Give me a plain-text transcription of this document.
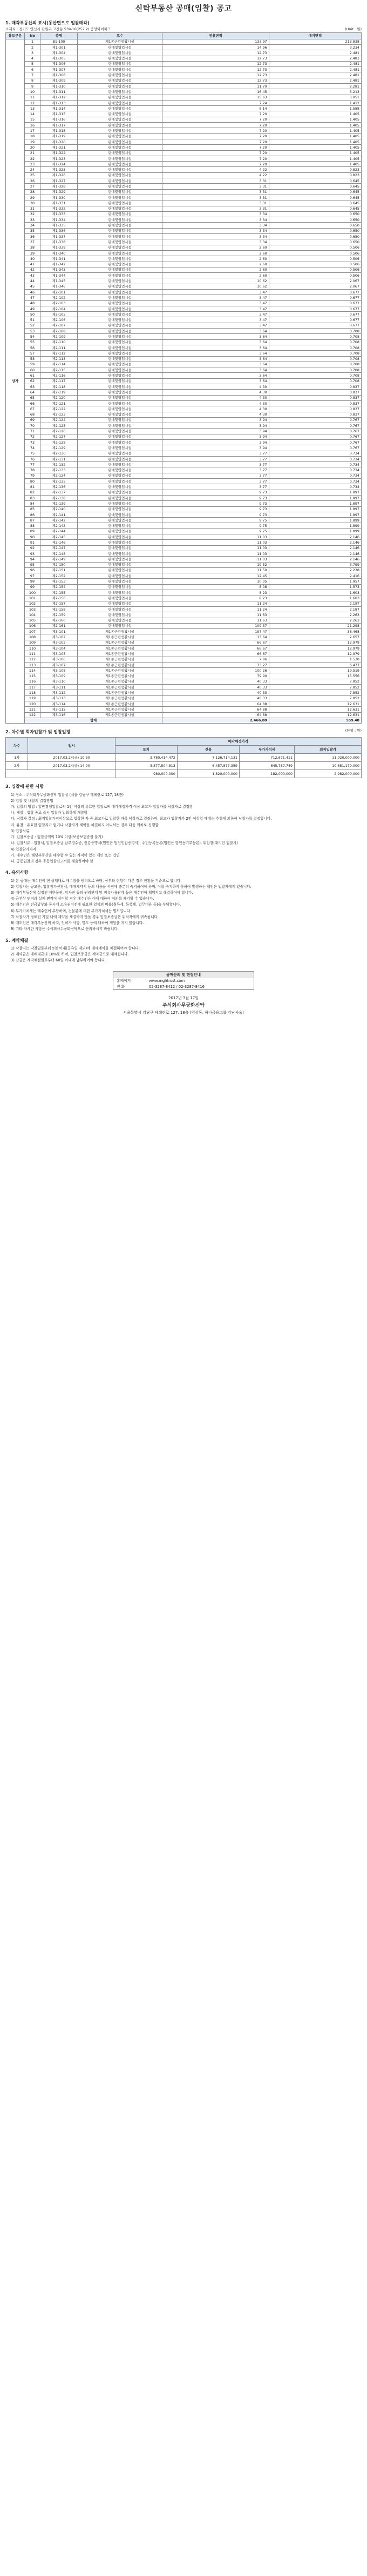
신탁부동산 공매(입찰) 공고
1. 매각부동산의 표시(동산면으로 일괄매각)
소재지 : 경기도 안산시 단원구 고잔동 539-10(257.2) 중앙아이파크	(Unit : 원)
용도구분	No	층명	호수	전용면적	대지면적
상가	1	B1-100	제1종근린생활시설	133.97	213.838
	2	제1-301	판매및영업시설	14.96	3.234
	3	제1-304	판매및영업시설	12.73	2.481
	4	제1-305	판매및영업시설	12.73	2.481
	5	제1-306	판매및영업시설	12.73	2.481
	6	제1-307	판매및영업시설	12.73	2.481
	7	제1-308	판매및영업시설	12.73	2.481
	8	제1-309	판매및영업시설	12.73	2.481
	9	제1-310	판매및영업시설	11.70	2.281
	10	제1-311	판매및영업시설	16.45	3.213
	11	제1-312	판매및영업시설	15.63	3.051
	12	제1-313	판매및영업시설	7.24	1.412
	13	제1-314	판매및영업시설	8.14	1.588
	14	제1-315	판매및영업시설	7.20	1.405
	15	제1-316	판매및영업시설	7.20	1.405
	16	제1-317	판매및영업시설	7.20	1.405
	17	제1-318	판매및영업시설	7.20	1.405
	18	제1-319	판매및영업시설	7.20	1.405
	19	제1-320	판매및영업시설	7.20	1.405
	20	제1-321	판매및영업시설	7.20	1.405
	21	제1-322	판매및영업시설	7.20	1.405
	22	제1-323	판매및영업시설	7.20	1.405
	23	제1-324	판매및영업시설	7.20	1.405
	24	제1-325	판매및영업시설	4.22	0.823
	25	제1-326	판매및영업시설	4.22	0.823
	26	제1-327	판매및영업시설	3.31	0.645
	27	제1-328	판매및영업시설	3.31	0.645
	28	제1-329	판매및영업시설	3.31	0.645
	29	제1-330	판매및영업시설	3.31	0.645
	30	제1-331	판매및영업시설	3.31	0.645
	31	제1-332	판매및영업시설	3.31	0.645
	32	제1-333	판매및영업시설	3.34	0.650
	33	제1-334	판매및영업시설	3.34	0.650
	34	제1-335	판매및영업시설	3.34	0.650
	35	제1-336	판매및영업시설	3.34	0.650
	36	제1-337	판매및영업시설	3.34	0.650
	37	제1-338	판매및영업시설	3.34	0.650
	38	제1-339	판매및영업시설	2.60	0.506
	39	제1-340	판매및영업시설	2.60	0.506
	40	제1-341	판매및영업시설	2.60	0.506
	41	제1-342	판매및영업시설	2.60	0.506
	42	제1-343	판매및영업시설	2.60	0.506
	43	제1-344	판매및영업시설	2.60	0.506
	44	제1-345	판매및영업시설	10.62	2.067
	45	제1-346	판매및영업시설	10.62	2.067
	46	제2-101	판매및영업시설	3.47	0.677
	47	제2-102	판매및영업시설	3.47	0.677
	48	제2-103	판매및영업시설	3.47	0.677
	49	제2-104	판매및영업시설	3.47	0.677
	50	제2-105	판매및영업시설	3.47	0.677
	51	제2-106	판매및영업시설	3.47	0.677
	52	제2-107	판매및영업시설	3.47	0.677
	53	제2-108	판매및영업시설	3.64	0.708
	54	제2-109	판매및영업시설	3.64	0.708
	55	제2-110	판매및영업시설	3.64	0.708
	56	제2-111	판매및영업시설	3.64	0.708
	57	제2-112	판매및영업시설	3.64	0.708
	58	제2-113	판매및영업시설	3.64	0.708
	59	제2-114	판매및영업시설	3.64	0.708
	60	제2-115	판매및영업시설	3.64	0.708
	61	제2-116	판매및영업시설	3.64	0.708
	62	제2-117	판매및영업시설	3.64	0.708
	63	제2-118	판매및영업시설	4.30	0.837
	64	제2-119	판매및영업시설	4.30	0.837
	65	제2-120	판매및영업시설	4.30	0.837
	66	제2-121	판매및영업시설	4.30	0.837
	67	제2-122	판매및영업시설	4.30	0.837
	68	제2-123	판매및영업시설	4.30	0.837
	69	제2-124	판매및영업시설	3.94	0.767
	70	제2-125	판매및영업시설	3.94	0.767
	71	제2-126	판매및영업시설	3.94	0.767
	72	제2-127	판매및영업시설	3.94	0.767
	73	제2-128	판매및영업시설	3.94	0.767
	74	제2-129	판매및영업시설	3.94	0.767
	75	제2-130	판매및영업시설	3.77	0.734
	76	제2-131	판매및영업시설	3.77	0.734
	77	제2-132	판매및영업시설	3.77	0.734
	78	제2-133	판매및영업시설	3.77	0.734
	79	제2-134	판매및영업시설	3.77	0.734
	80	제2-135	판매및영업시설	3.77	0.734
	81	제2-136	판매및영업시설	3.77	0.734
	82	제2-137	판매및영업시설	9.73	1.897
	83	제2-138	판매및영업시설	9.73	1.897
	84	제2-139	판매및영업시설	9.73	1.897
	85	제2-140	판매및영업시설	9.73	1.897
	86	제2-141	판매및영업시설	9.73	1.897
	87	제2-142	판매및영업시설	9.75	1.899
	88	제2-143	판매및영업시설	9.75	1.899
	89	제2-144	판매및영업시설	9.75	1.899
	90	제2-145	판매및영업시설	11.03	2.146
	91	제2-146	판매및영업시설	11.03	2.146
	92	제2-147	판매및영업시설	11.03	2.146
	93	제2-148	판매및영업시설	11.03	2.146
	94	제2-149	판매및영업시설	11.03	2.146
	95	제2-150	판매및영업시설	19.52	3.799
	96	제2-151	판매및영업시설	11.50	2.238
	97	제2-152	판매및영업시설	12.45	2.416
	98	제2-153	판매및영업시설	10.05	1.957
	99	제2-154	판매및영업시설	8.08	1.573
	100	제2-155	판매및영업시설	8.23	1.603
	101	제2-156	판매및영업시설	8.23	1.603
	102	제2-157	판매및영업시설	11.24	2.187
	103	제2-158	판매및영업시설	11.24	2.187
	104	제2-159	판매및영업시설	11.63	2.263
	105	제2-160	판매및영업시설	11.63	2.263
	106	제2-161	판매및영업시설	109.37	21.298
	107	제3-101	제1종근린생활시설	197.47	38.468
	108	제3-102	제1종근린생활시설	13.64	2.657
	109	제3-103	제1종근린생활시설	66.67	12.979
	110	제3-104	제1종근린생활시설	66.67	12.979
	111	제3-105	제1종근린생활시설	66.67	12.979
	112	제3-106	제1종근린생활시설	7.86	1.530
	113	제3-107	제1종근린생활시설	33.27	6.477
	114	제3-108	제1종근린생활시설	100.26	19.519
	115	제3-109	제1종근린생활시설	79.90	15.556
	116	제3-110	제1종근린생활시설	40.33	7.852
	117	제3-111	제1종근린생활시설	40.33	7.852
	118	제3-112	제1종근린생활시설	40.33	7.852
	119	제3-113	제1종근린생활시설	40.33	7.852
	120	제3-114	제1종근린생활시설	64.88	12.631
	121	제3-115	제1종근린생활시설	64.88	12.631
	122	제3-116	제1종근린생활시설	64.88	12.631
	합계			2,466.80	559.48
2. 차수별 회차입찰가 및 입찰일정	(단위 : 원)
차수	일시	매각예정가격			
		토지	건물	부가가치세	최저입찰가
1차	2017.03.24(금) 10:30	3,780,414,472	7,126,714,131	712,671,411	11,020,000,000
2차	2017.03.24(금) 14:00	3,577,504,813	6,457,877,359	645,787,749	10,681,170,000
		980,000,000	1,820,000,000	182,000,000	2,982,000,000
3. 입찰에 관한 사항

1) 장소 : 주식회사무궁화신탁 입찰실 (서울 강남구 테헤란로 127, 18층)

2) 입찰 및 내찰의 결정방법

가. 입찰의 방법 : 일반경쟁입찰로써 1인 이상의 유효한 입찰로써 매각예정가격 이상 최고가 입찰자를 낙찰자로 결정함

나. 개찰 : 입찰 종료 즉시 입찰자 입회하에 개찰함

다. 낙찰자 결정 : 최저입찰가격이상으로 입찰한 자 중 최고가로 입찰한 자를 낙찰자로 결정하며, 최고가 입찰자가 2인 이상일 때에는 추첨에 의하여 낙찰자를 결정합니다.

라. 유찰 : 유효한 입찰자가 없거나 낙찰자가 계약을 체결하지 아니하는 경우 다음 회차로 진행함

3) 입찰서류

가. 입찰보증금 : 입찰금액의 10% 이상(보증보험증권 불가)

나. 입찰서류 : 입찰서, 입찰보증금 납부영수증, 인감증명서(법인은 법인인감증명서), 주민등록등본(법인은 법인등기부등본), 위임장(대리인 입찰시)

4) 입찰참가자격

가. 매수인은 해당부동산을 매수할 수 있는 자격이 있는 개인 또는 법인

나. 공동입찰의 경우 공동입찰신고서를 제출하여야 함

4. 유의사항

1) 본 공매는 매수인이 현 상태대로 매수함을 원칙으로 하며, 공부와 현황이 다른 경우 현황을 기준으로 합니다.

2) 입찰자는 공고문, 입찰참가신청서, 매매계약서 등의 내용을 사전에 충분히 숙지하여야 하며, 이를 숙지하지 못하여 발생하는 책임은 입찰자에게 있습니다.

3) 매각부동산에 설정된 제한물권, 임차권 등의 권리관계 및 점유사용관계 등은 매수인이 책임지고 해결하여야 합니다.

4) 공부상 면적과 실제 면적이 상이할 경우 매수인은 이에 대하여 이의를 제기할 수 없습니다.

5) 매수인은 잔금납부와 동시에 소유권이전에 필요한 일체의 비용(취득세, 등록세, 법무비용 등)을 부담합니다.

6) 부가가치세는 매수인이 부담하며, 건물분에 대한 부가가치세는 별도입니다.

7) 낙찰자가 정해진 기일 내에 계약을 체결하지 않을 경우 입찰보증금은 위탁자에게 귀속됩니다.

8) 매도인은 매각부동산의 하자, 인허가 사항, 명도 등에 대하여 책임을 지지 않습니다.

9) 기타 자세한 사항은 주식회사무궁화신탁으로 문의하시기 바랍니다.

5. 계약체결

1) 낙찰자는 낙찰일로부터 5일 이내(공휴일 제외)에 매매계약을 체결하여야 합니다.

2) 계약금은 매매대금의 10%로 하며, 입찰보증금은 계약금으로 대체됩니다.

3) 잔금은 계약체결일로부터 60일 이내에 납부하여야 합니다.

공매문의 및 현장안내
홈페이지	www.mghtrust.com
전 화	02-3287-8412 / 02-3287-8416
2017년 3월 17일
주식회사무궁화신탁
서울특별시 강남구 테헤란로 127, 18층 (역삼동, 하나금융그룹 강남사옥)
